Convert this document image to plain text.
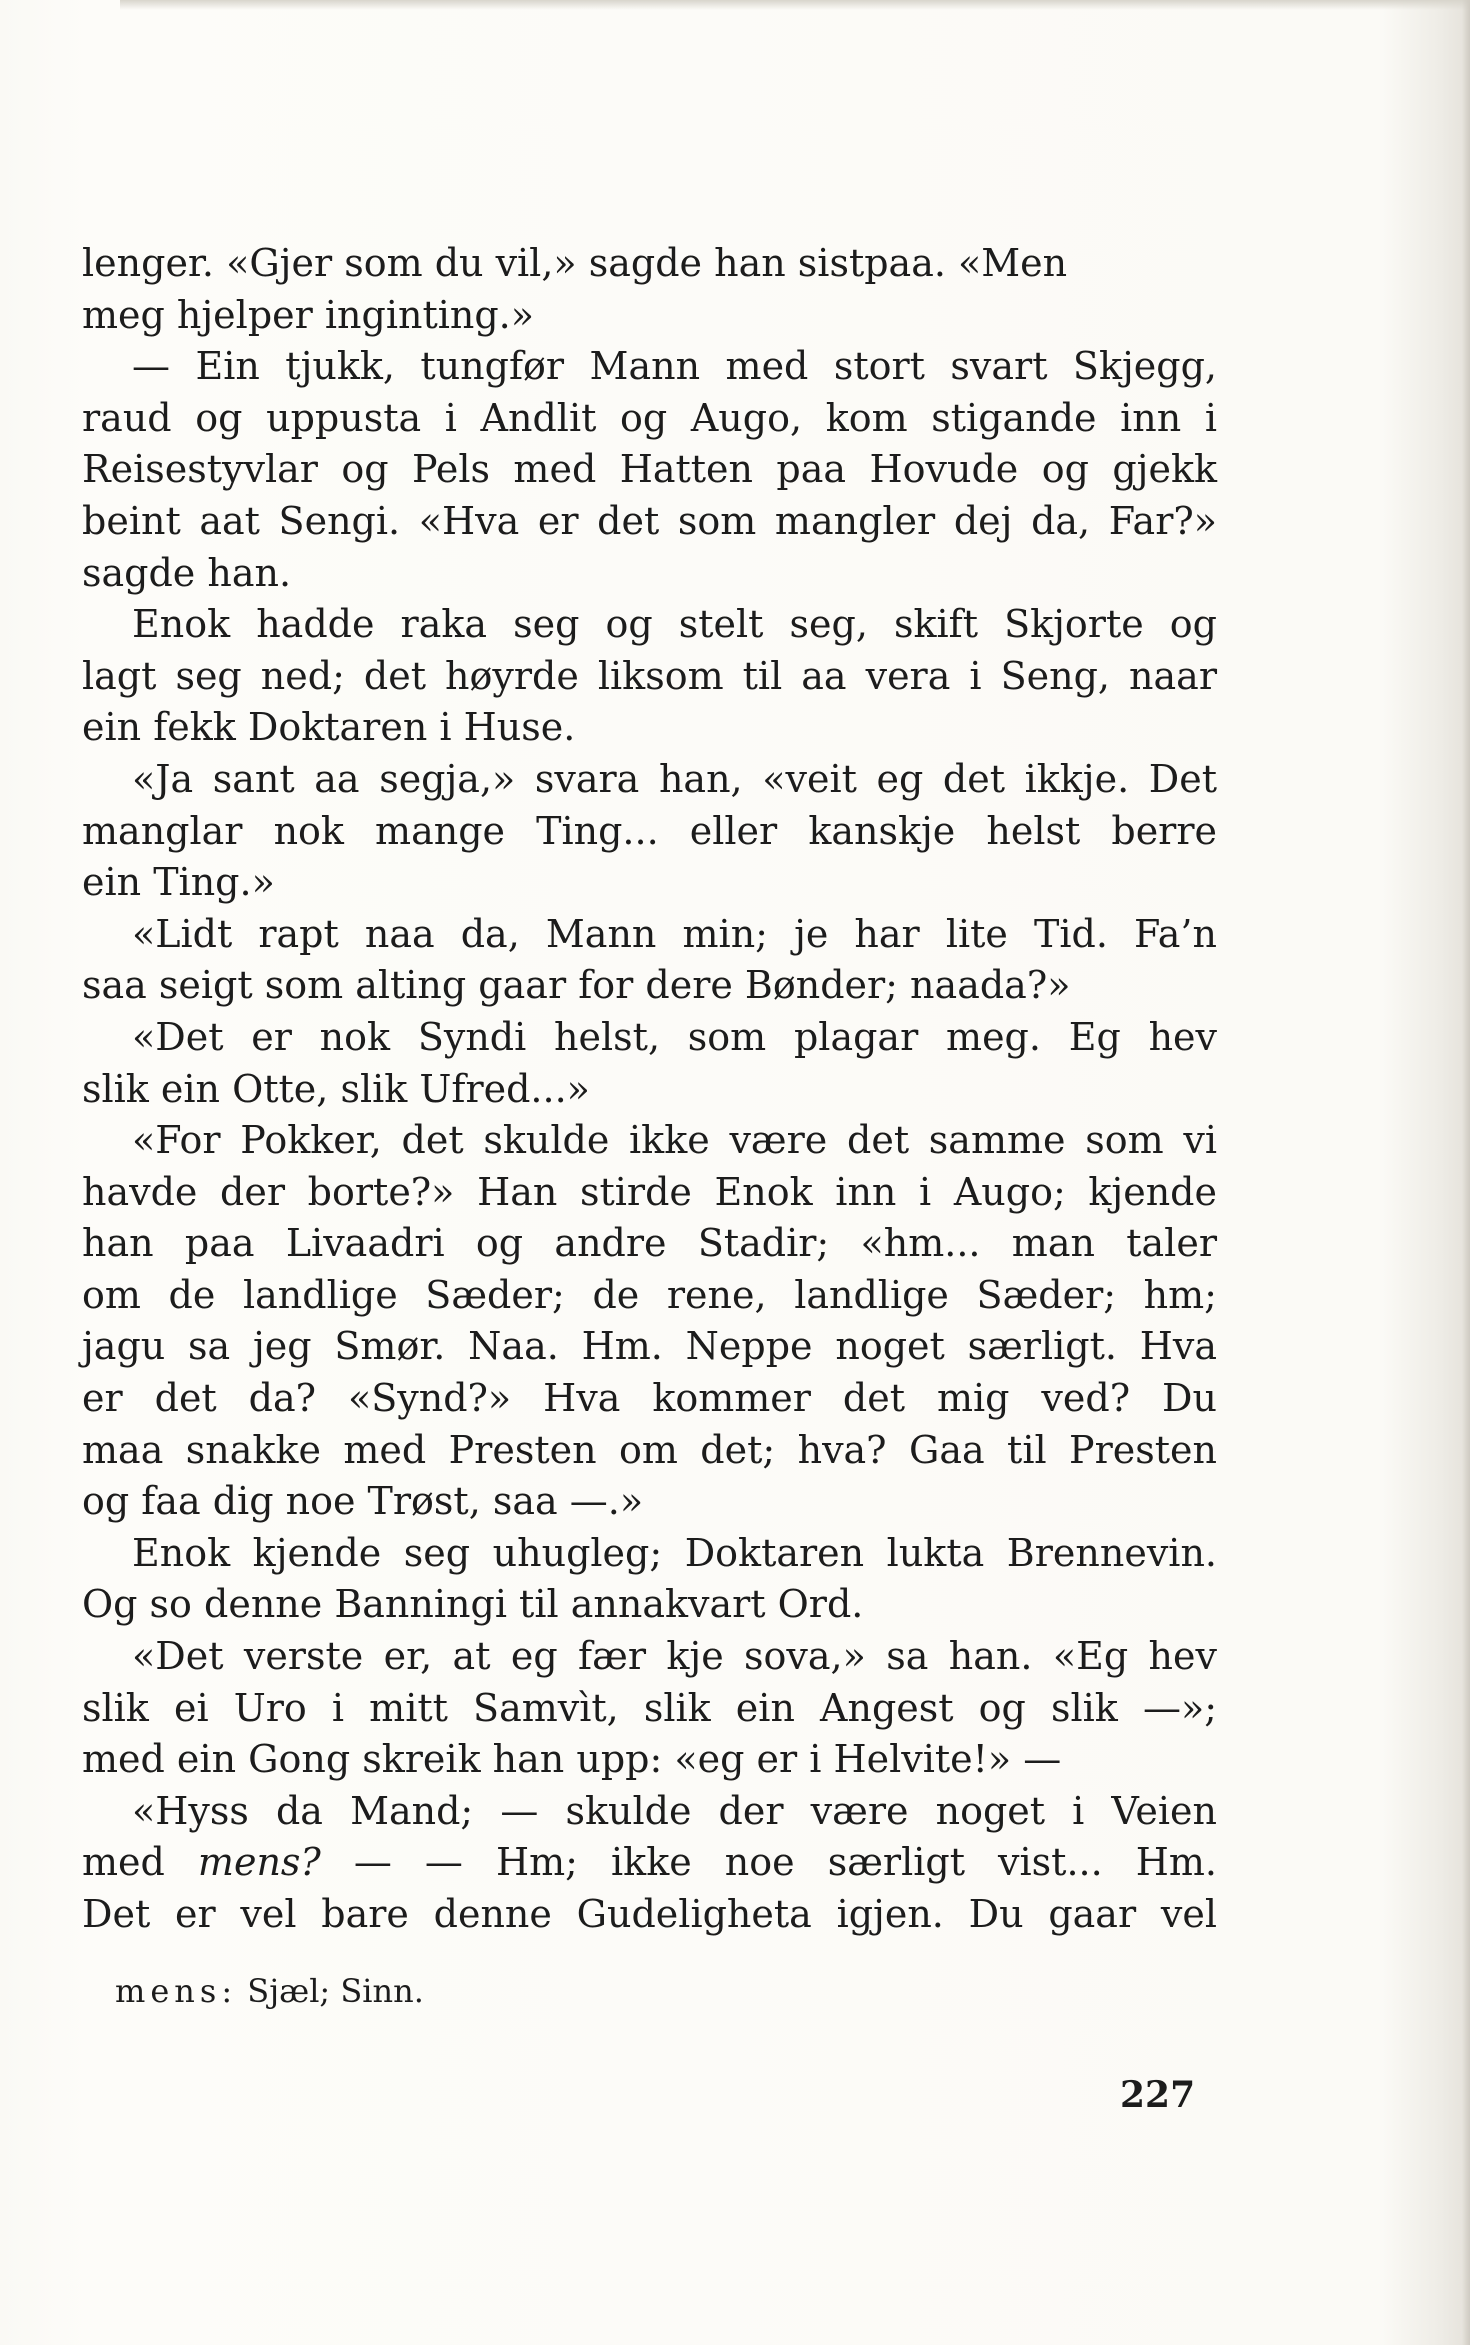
lenger. «Gjer som du vil,» sagde han sistpaa. «Men
meg hjelper inginting.»
— Ein tjukk, tungfør Mann med stort svart Skjegg,
raud og uppusta i Andlit og Augo, kom stigande inn i
Reisestyvlar og Pels med Hatten paa Hovude og gjekk
beint aat Sengi. «Hva er det som mangler dej da, Far?»
sagde han.
Enok hadde raka seg og stelt seg, skift Skjorte og
lagt seg ned; det høyrde liksom til aa vera i Seng, naar
ein fekk Doktaren i Huse.
«Ja sant aa segja,» svara han, «veit eg det ikkje. Det
manglar nok mange Ting... eller kanskje helst berre
ein Ting.»
«Lidt rapt naa da, Mann min; je har lite Tid. Fa’n
saa seigt som alting gaar for dere Bønder; naada?»
«Det er nok Syndi helst, som plagar meg. Eg hev
slik ein Otte, slik Ufred...»
«For Pokker, det skulde ikke være det samme som vi
havde der borte?» Han stirde Enok inn i Augo; kjende
han paa Livaadri og andre Stadir; «hm... man taler
om de landlige Sæder; de rene, landlige Sæder; hm;
jagu sa jeg Smør. Naa. Hm. Neppe noget særligt. Hva
er det da? «Synd?» Hva kommer det mig ved? Du
maa snakke med Presten om det; hva? Gaa til Presten
og faa dig noe Trøst, saa —.»
Enok kjende seg uhugleg; Doktaren lukta Brennevin.
Og so denne Banningi til annakvart Ord.
«Det verste er, at eg fær kje sova,» sa han. «Eg hev
slik ei Uro i mitt Samvìt, slik ein Angest og slik —»;
med ein Gong skreik han upp: «eg er i Helvite!» —
«Hyss da Mand; — skulde der være noget i Veien
med mens? — — Hm; ikke noe særligt vist... Hm.
Det er vel bare denne Gudeligheta igjen. Du gaar vel
mens: Sjæl; Sinn.
227
